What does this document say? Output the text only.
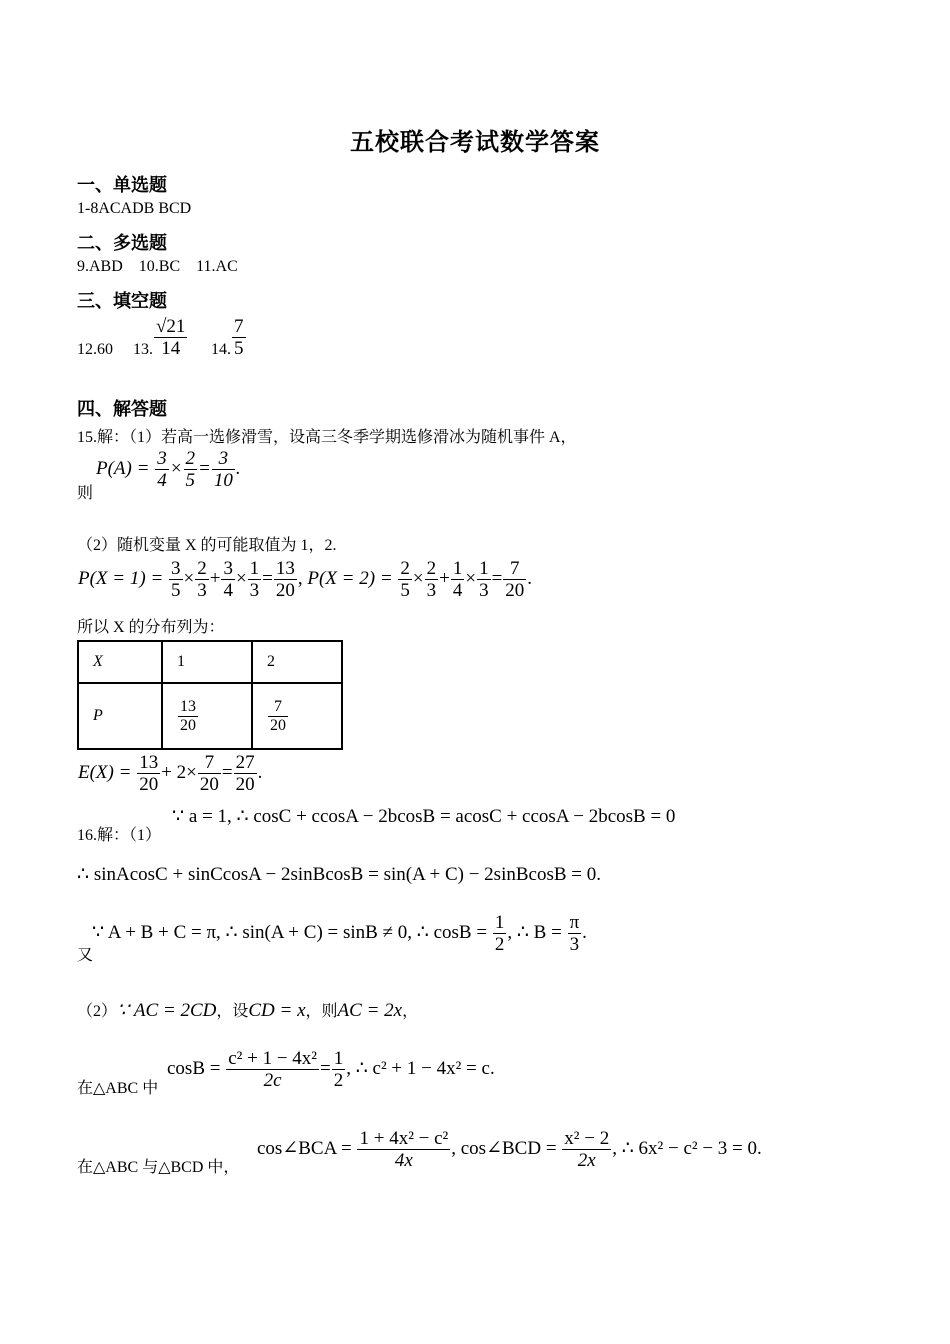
五校联合考试数学答案
一、单选题
1-8ACADB BCD
二、多选题
9.ABD    10.BC    11.AC
三、填空题
12.60 13. $\frac{√21}{14} 14$. $\frac{7}{5}$
四、解答题
15.解：（1）若高一选修滑雪，设高三冬季学期选修滑冰为随机事件 A，
则
$P(A) = \frac{3}{4} \times \frac{2}{5} = \frac{3}{10}$ .
（2）随机变量 X 的可能取值为 1，2.
$P(X = 1) = \frac{3}{5} \times \frac{2}{3} + \frac{3}{4} \times \frac{1}{3} = \frac{13}{20}$ , $P(X = 2) = \frac{2}{5} \times \frac{2}{3} + \frac{1}{4} \times \frac{1}{3} = \frac{7}{20}$ .
所以 X 的分布列为：
X	1	2
P	$\frac{13}{20}$	$\frac{7}{20}$
$E(X) = \frac{13}{20} + 2\times \frac{7}{20} = \frac{27}{20}$ .
16.解：（1）
∵ a = 1, ∴ cosC + ccosA − 2bcosB = acosC + ccosA − 2bcosB = 0
∴ sinAcosC + sinCcosA − 2sinBcosB = sin(A + C) − 2sinBcosB = 0.
又
∵ A + B + C = π, ∴ sin(A + C) = sinB ≠ 0, ∴ $\cos B = \frac{1}{2}$ , ∴ $B = \frac{\pi}{3}$ .
（2）∵ AC = 2CD，设CD = x，则AC = 2x，
在△ABC 中
$\cos B = \frac{\text{c² + 1 − 4x²}}{2c} = \frac{1}{2}$ , ∴ c² + 1 − 4x² = c.
在△ABC 与△BCD 中，
cos∠BCA = $\frac{\text{1 + 4x² − c²}}{4x}$ , cos∠BCD = $\frac{\text{x² − 2}}{2x}$ , ∴ 6x² − c² − 3 = 0.
